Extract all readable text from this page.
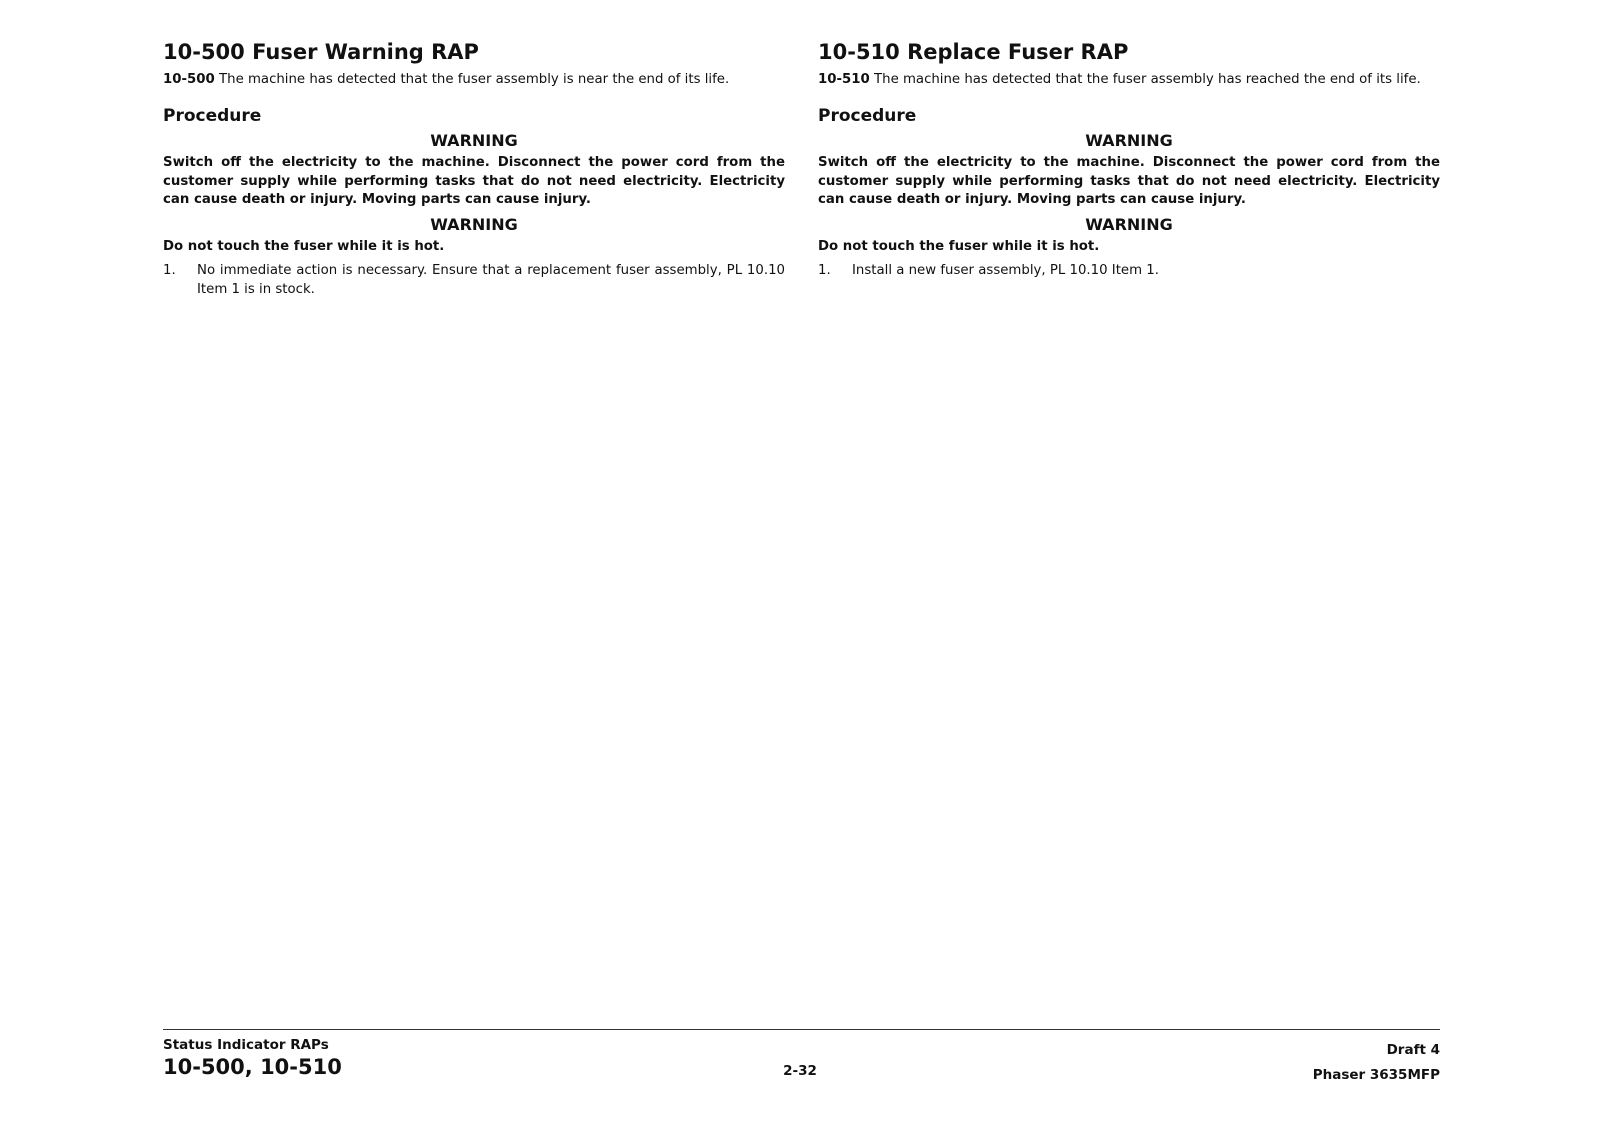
10-500 Fuser Warning RAP

10-500 The machine has detected that the fuser assembly is near the end of its life.

Procedure
WARNING
Switch off the electricity to the machine. Disconnect the power cord from the customer supply while performing tasks that do not need electricity. Electricity can cause death or injury. Moving parts can cause injury.
WARNING
Do not touch the fuser while it is hot.
1.	No immediate action is necessary. Ensure that a replacement fuser assembly, PL 10.10 Item 1 is in stock.
10-510 Replace Fuser RAP

10-510 The machine has detected that the fuser assembly has reached the end of its life.

Procedure
WARNING
Switch off the electricity to the machine. Disconnect the power cord from the customer supply while performing tasks that do not need electricity. Electricity can cause death or injury. Moving parts can cause injury.
WARNING
Do not touch the fuser while it is hot.
1.	Install a new fuser assembly, PL 10.10 Item 1.
Status Indicator RAPs
10-500, 10-510	2-32
Draft 4
Phaser 3635MFP
